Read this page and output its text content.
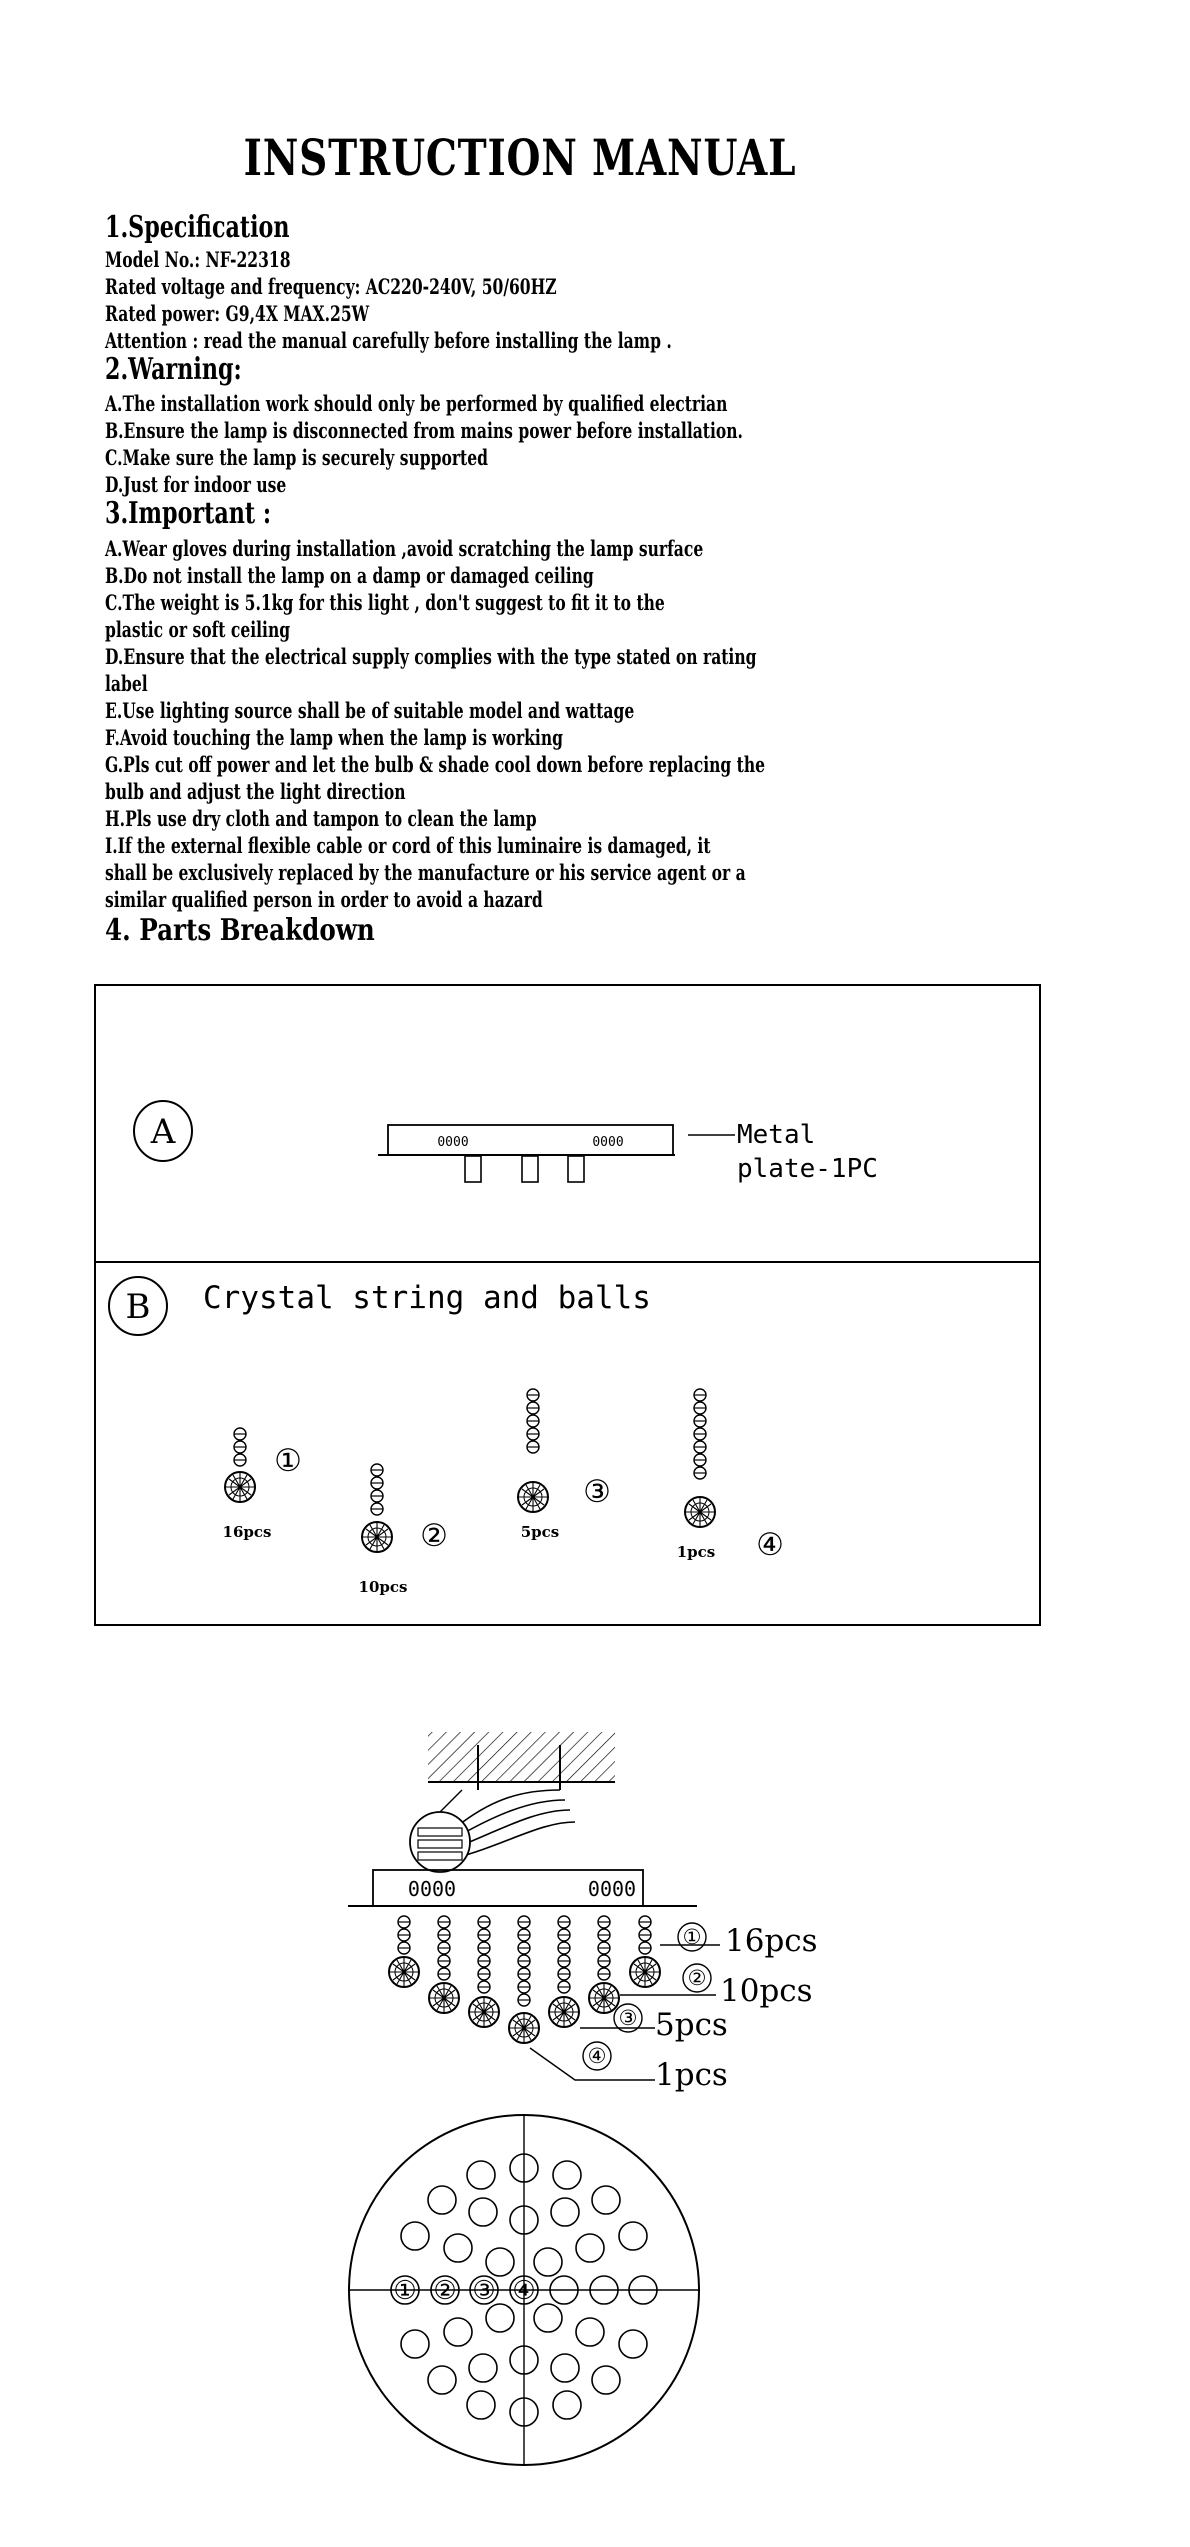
INSTRUCTION MANUAL
1.Specification
Model No.: NF-22318
Rated voltage and frequency: AC220-240V, 50/60HZ
Rated power: G9,4X MAX.25W
Attention : read the manual carefully before installing the lamp .
2.Warning:
A.The installation work should only be performed by qualified electrian
B.Ensure the lamp is disconnected from mains power before installation.
C.Make sure the lamp is securely supported
D.Just for indoor use
3.Important :
A.Wear gloves during installation ,avoid scratching the lamp surface
B.Do not install the lamp on a damp or damaged ceiling
C.The weight is 5.1kg for this light , don't suggest to fit it to the
plastic or soft ceiling
D.Ensure that the electrical supply complies with the type stated on rating
label
E.Use lighting source shall be of suitable model and wattage
F.Avoid touching the lamp when the lamp is working
G.Pls cut off power and let the bulb & shade cool down before replacing the
bulb and adjust the light direction
H.Pls use dry cloth and tampon to clean the lamp
I.If the external flexible cable or cord of this luminaire is damaged, it
shall be exclusively replaced by the manufacture or his service agent or a
similar qualified person in order to avoid a hazard
4. Parts Breakdown
A	0000	0000	Metal
plate-1PC
B Crystal string and balls
①
②
③
④
16pcs
10pcs
5pcs
1pcs
0000	0000
①
②
③
④
16pcs
10pcs
5pcs
1pcs
① ② ③ ④
